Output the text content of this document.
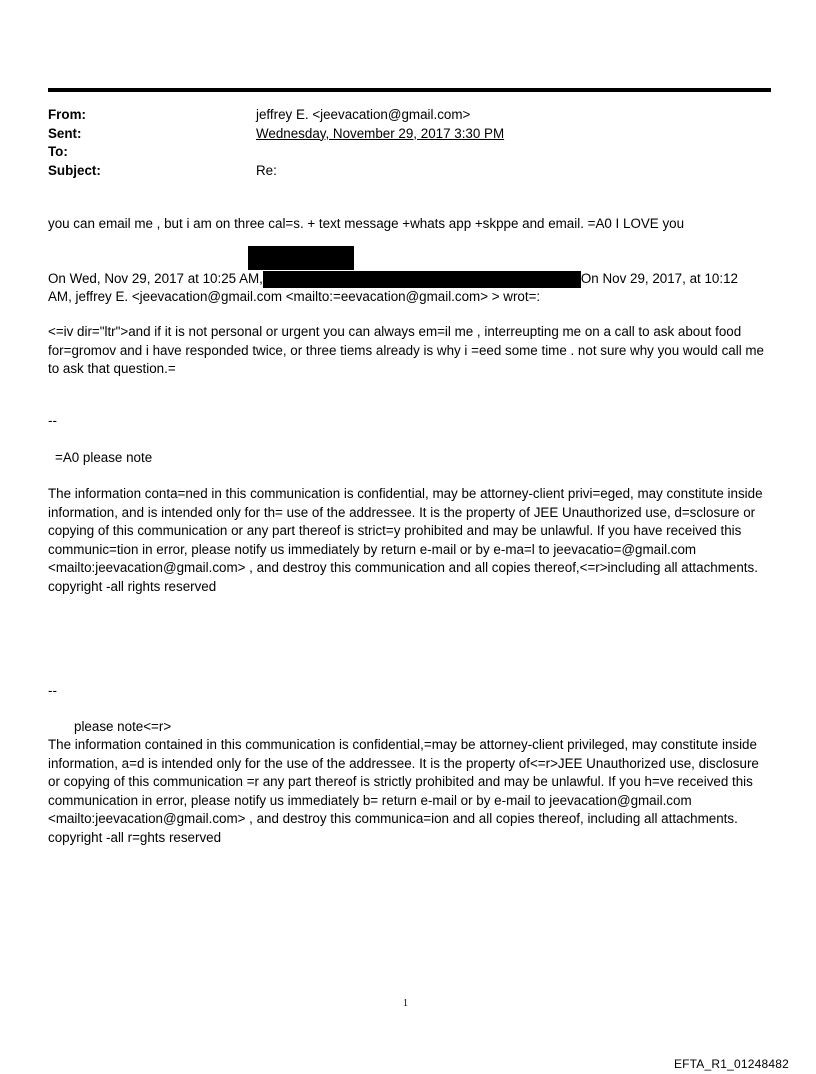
From:	jeffrey E. <jeevacation@gmail.com>
Sent:	Wednesday, November 29, 2017 3:30 PM
To:
Subject:	Re:
you can email me , but i am on three cal=s. + text message +whats app +skppe and email. =A0 I LOVE you
On Wed, Nov 29, 2017 at 10:25 AM,	On Nov 29, 2017, at 10:12
AM, jeffrey E. <jeevacation@gmail.com <mailto:=eevacation@gmail.com> > wrot=:
<=iv dir="ltr">and if it is not personal or urgent you can always em=il me , interreupting me on a call to ask about food for=gromov and i have responded twice, or three tiems already is why i =eed some time . not sure why you would call me to ask that question.=
--
=A0 please note
The information conta=ned in this communication is confidential, may be attorney-client privi=eged, may constitute inside information, and is intended only for th= use of the addressee. It is the property of JEE Unauthorized use, d=sclosure or copying of this communication or any part thereof is strict=y prohibited and may be unlawful. If you have received this communic=tion in error, please notify us immediately by return e-mail or by e-ma=l to jeevacatio=@gmail.com <mailto:jeevacation@gmail.com> , and destroy this communication and all copies thereof,<=r>including all attachments. copyright -all rights reserved
--
please note<=r>
The information contained in this communication is confidential,=may be attorney-client privileged, may constitute inside information, a=d is intended only for the use of the addressee. It is the property of<=r>JEE Unauthorized use, disclosure or copying of this communication =r any part thereof is strictly prohibited and may be unlawful. If you h=ve received this communication in error, please notify us immediately b= return e-mail or by e-mail to jeevacation@gmail.com <mailto:jeevacation@gmail.com> , and destroy this communica=ion and all copies thereof, including all attachments. copyright -all r=ghts reserved
1
EFTA_R1_01248482
